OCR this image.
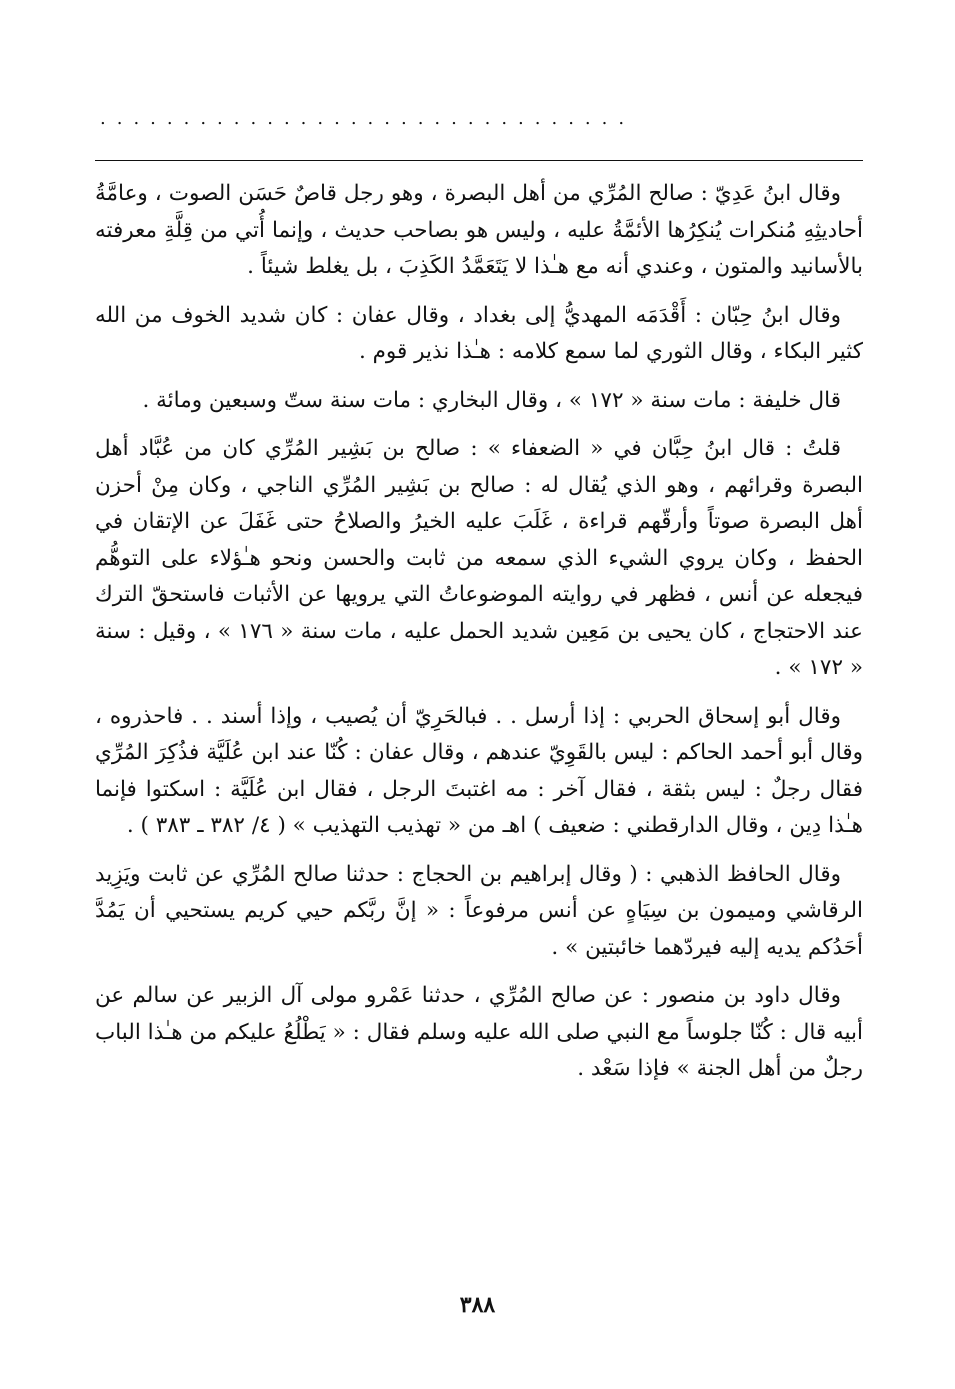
................................

وقال ابنُ عَدِيّ : صالح المُرِّي من أهل البصرة ، وهو رجل قاصٌ حَسَن الصوت ، وعامَّةُ أحاديثِهِ مُنكرات يُنكِرُها الأئمَّةُ عليه ، وليس هو بصاحب حديث ، وإنما أُتي من قِلَّةِ معرفته بالأسانيد والمتون ، وعندي أنه مع هـٰذا لا يَتَعَمَّدُ الكَذِبَ ، بل يغلط شيئاً .

وقال ابنُ حِبّان : أَقْدَمَه المهديُّ إلى بغداد ، وقال عفان : كان شديد الخوف من الله كثير البكاء ، وقال الثوري لما سمع كلامه : هـٰذا نذير قوم .

قال خليفة : مات سنة « ١٧٢ » ، وقال البخاري : مات سنة ستّ وسبعين ومائة .

قلتُ : قال ابنُ حِبَّان في « الضعفاء » : صالح بن بَشِير المُرِّي كان من عُبَّاد أهل البصرة وقرائهم ، وهو الذي يُقال له : صالح بن بَشِير المُرِّي الناجي ، وكان مِنْ أحزن أهل البصرة صوتاً وأرقّهم قراءة ، غَلَبَ عليه الخيرُ والصلاحُ حتى غَفَلَ عن الإتقان في الحفظ ، وكان يروي الشيء الذي سمعه من ثابت والحسن ونحو هـٰؤلاء على التوهُّم فيجعله عن أنس ، فظهر في روايته الموضوعاتُ التي يرويها عن الأثبات فاستحقّ الترك عند الاحتجاج ، كان يحيى بن مَعِين شديد الحمل عليه ، مات سنة « ١٧٦ » ، وقيل : سنة « ١٧٢ » .

وقال أبو إسحاق الحربي : إذا أرسل . . فبالحَرِيّ أن يُصيب ، وإذا أسند . . فاحذروه ، وقال أبو أحمد الحاكم : ليس بالقَوِيّ عندهم ، وقال عفان : كُنّا عند ابن عُلَيَّة فذُكِرَ المُرِّي فقال رجلٌ : ليس بثقة ، فقال آخر : مه اغتبتَ الرجل ، فقال ابن عُلَيَّة : اسكتوا فإنما هـٰذا دِين ، وقال الدارقطني : ضعيف ) اهـ من « تهذيب التهذيب » ( ٤/ ٣٨٢ ـ ٣٨٣ ) .

وقال الحافظ الذهبي : ( وقال إبراهيم بن الحجاج : حدثنا صالح المُرِّي عن ثابت ويَزِيد الرقاشي وميمون بن سِيَاهٍ عن أنس مرفوعاً : « إنَّ ربَّكم حيي كريم يستحيي أن يَمُدَّ أحَدُكم يديه إليه فيردّهما خائبتين » .

وقال داود بن منصور : عن صالح المُرِّي ، حدثنا عَمْرو مولى آل الزبير عن سالم عن أبيه قال : كُنّا جلوساً مع النبي صلى الله عليه وسلم فقال : « يَطْلُعُ عليكم من هـٰذا الباب رجلٌ من أهل الجنة » فإذا سَعْد .

٣٨٨
